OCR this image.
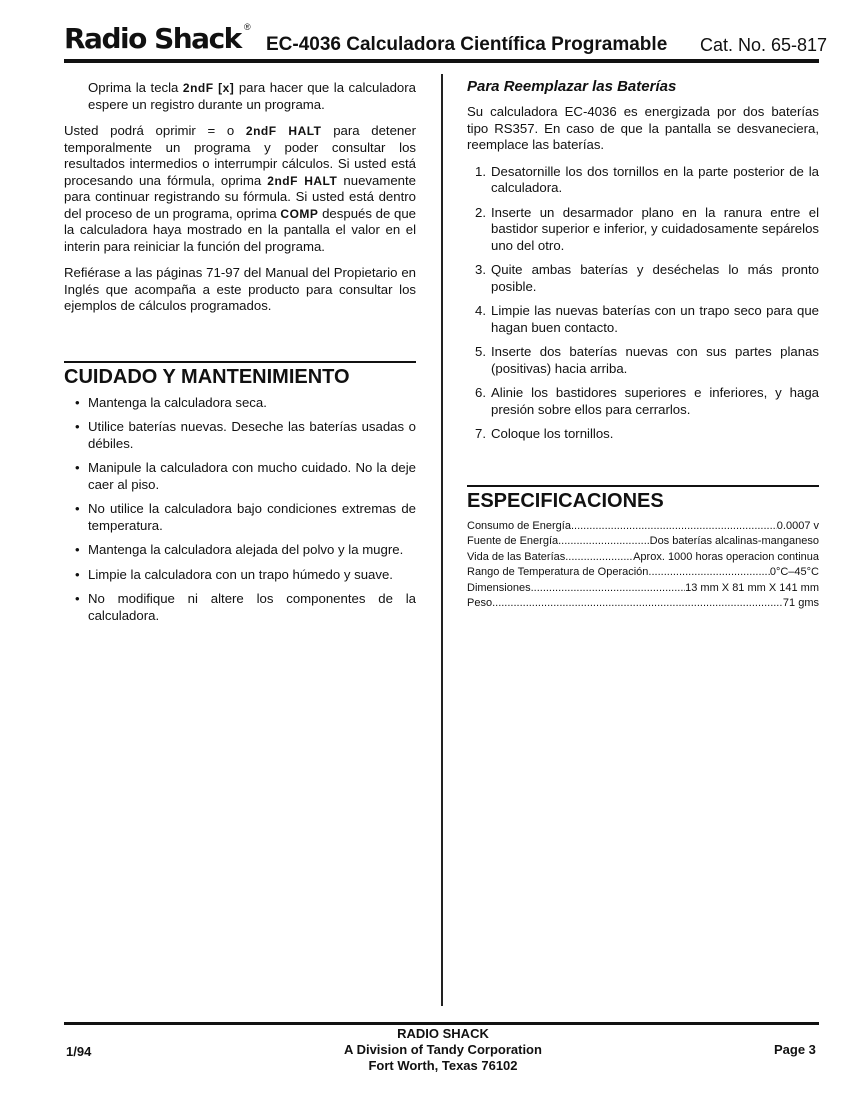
Radio Shack ®
EC-4036 Calculadora Científica Programable Cat. No. 65-817

Oprima la tecla 2ndF [x] para hacer que la calculadora espere un registro durante un programa.

Usted podrá oprimir = o 2ndF HALT para detener temporalmente un programa y poder consultar los resultados intermedios o interrumpir cálculos. Si usted está procesando una fórmula, oprima 2ndF HALT nuevamente para continuar registrando su fórmula. Si usted está dentro del proceso de un programa, oprima COMP después de que la calculadora haya mostrado en la pantalla el valor en el interin para reiniciar la función del programa.

Refiérase a las páginas 71-97 del Manual del Propietario en Inglés que acompaña a este producto para consultar los ejemplos de cálculos programados.

CUIDADO Y MANTENIMIENTO
• Mantenga la calculadora seca.
• Utilice baterías nuevas. Deseche las baterías usadas o débiles.
• Manipule la calculadora con mucho cuidado. No la deje caer al piso.
• No utilice la calculadora bajo condiciones extremas de temperatura.
• Mantenga la calculadora alejada del polvo y la mugre.
• Limpie la calculadora con un trapo húmedo y suave.
• No modifique ni altere los componentes de la calculadora.
Para Reemplazar las Baterías

Su calculadora EC-4036 es energizada por dos baterías tipo RS357. En caso de que la pantalla se desvaneciera, reemplace las baterías.

1. Desatornille los dos tornillos en la parte posterior de la calculadora.
2. Inserte un desarmador plano en la ranura entre el bastidor superior e inferior, y cuidadosamente sepárelos uno del otro.
3. Quite ambas baterías y deséchelas lo más pronto posible.
4. Limpie las nuevas baterías con un trapo seco para que hagan buen contacto.
5. Inserte dos baterías nuevas con sus partes planas (positivas) hacia arriba.
6. Alinie los bastidores superiores e inferiores, y haga presión sobre ellos para cerrarlos.
7. Coloque los tornillos.
ESPECIFICACIONES
Consumo de Energía .....	0.0007 v
Fuente de Energía .....	Dos baterías alcalinas-manganeso
Vida de las Baterías .....	Aprox. 1000 horas operacion continua
Rango de Temperatura de Operación .....	0°C–45°C
Dimensiones .....	13 mm X 81 mm X 141 mm
Peso .....	71 gms
1/94
RADIO SHACK
A Division of Tandy Corporation
Fort Worth, Texas 76102
Page 3
